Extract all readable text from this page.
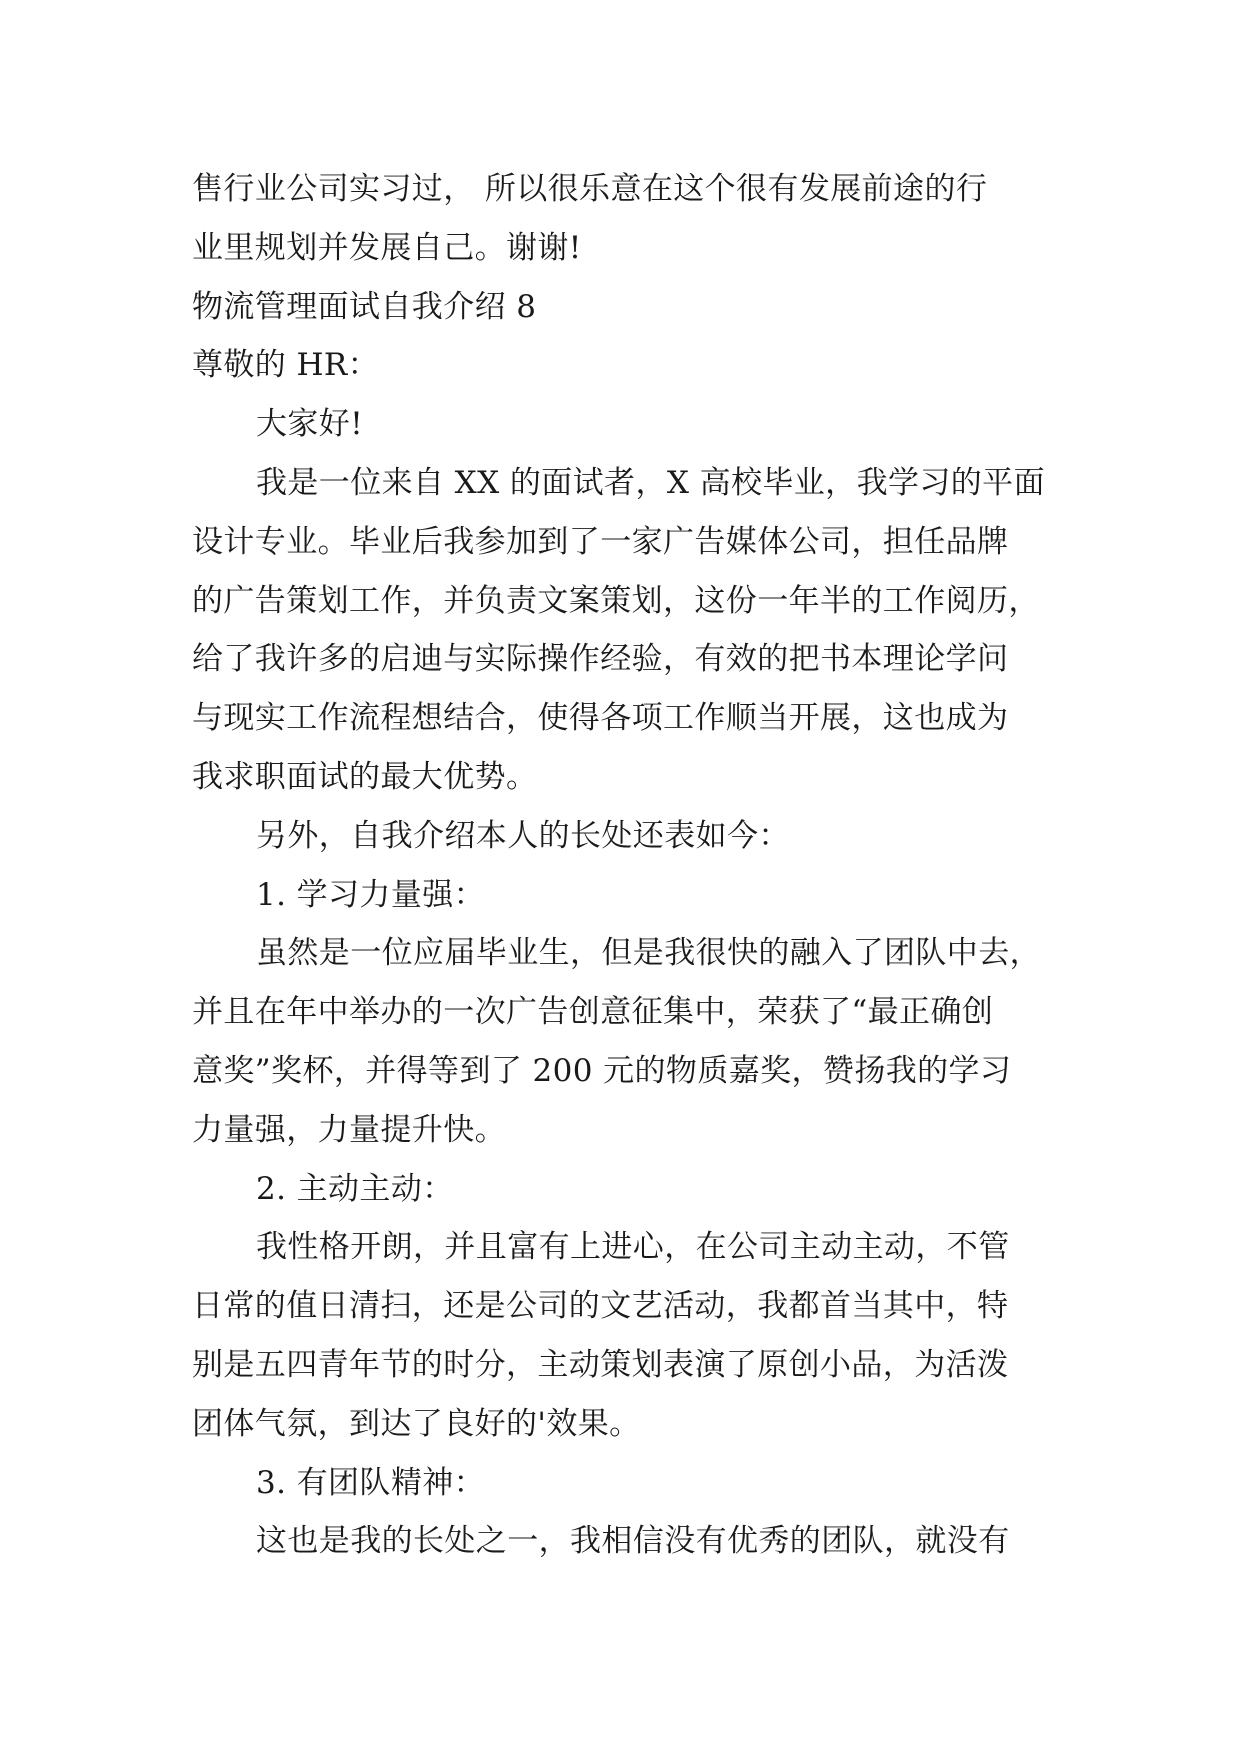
售行业公司实习过， 所以很乐意在这个很有发展前途的行

业里规划并发展自己。谢谢!

物流管理面试自我介绍 8

尊敬的 HR：

大家好!

我是一位来自 XX 的面试者，X 高校毕业，我学习的平面

设计专业。毕业后我参加到了一家广告媒体公司，担任品牌

的广告策划工作，并负责文案策划，这份一年半的工作阅历，

给了我许多的启迪与实际操作经验，有效的把书本理论学问

与现实工作流程想结合，使得各项工作顺当开展，这也成为

我求职面试的最大优势。

另外，自我介绍本人的长处还表如今：

1. 学习力量强：

虽然是一位应届毕业生，但是我很快的融入了团队中去，

并且在年中举办的一次广告创意征集中，荣获了“最正确创

意奖”奖杯，并得等到了 200 元的物质嘉奖，赞扬我的学习

力量强，力量提升快。

2. 主动主动：

我性格开朗，并且富有上进心，在公司主动主动，不管

日常的值日清扫，还是公司的文艺活动，我都首当其中，特

别是五四青年节的时分，主动策划表演了原创小品，为活泼

团体气氛，到达了良好的'效果。

3. 有团队精神：

这也是我的长处之一，我相信没有优秀的团队，就没有
